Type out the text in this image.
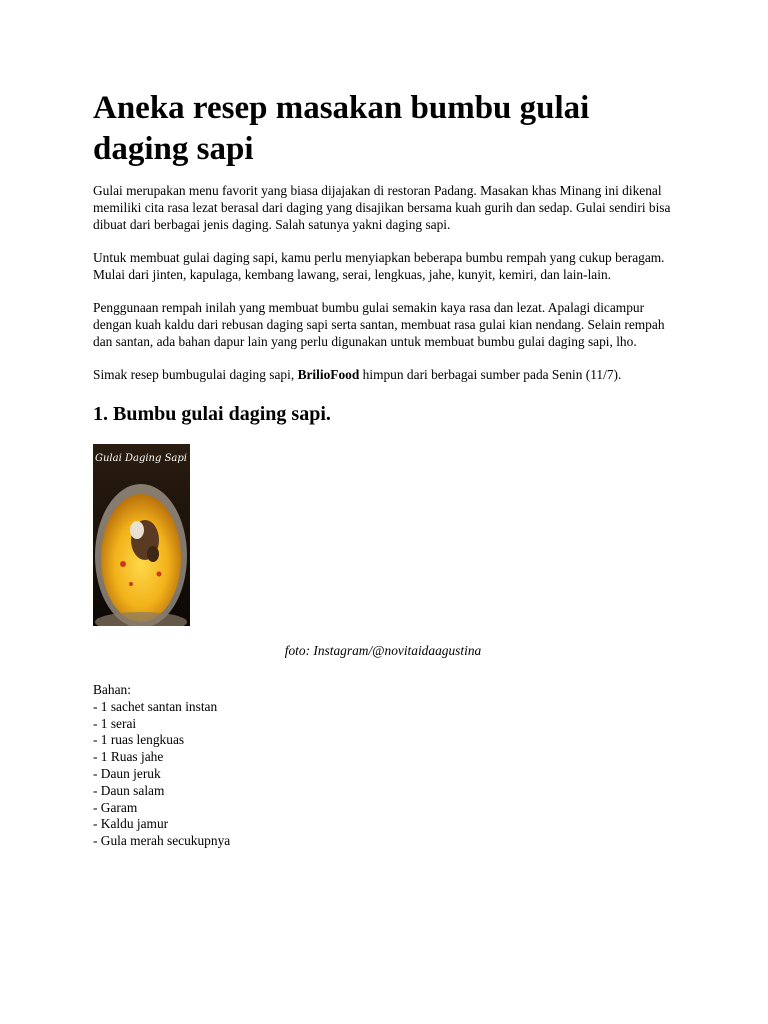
Aneka resep masakan bumbu gulai daging sapi

Gulai merupakan menu favorit yang biasa dijajakan di restoran Padang. Masakan khas Minang ini dikenal memiliki cita rasa lezat berasal dari daging yang disajikan bersama kuah gurih dan sedap. Gulai sendiri bisa dibuat dari berbagai jenis daging. Salah satunya yakni daging sapi.

Untuk membuat gulai daging sapi, kamu perlu menyiapkan beberapa bumbu rempah yang cukup beragam. Mulai dari jinten, kapulaga, kembang lawang, serai, lengkuas, jahe, kunyit, kemiri, dan lain-lain.

Penggunaan rempah inilah yang membuat bumbu gulai semakin kaya rasa dan lezat. Apalagi dicampur dengan kuah kaldu dari rebusan daging sapi serta santan, membuat rasa gulai kian nendang. Selain rempah dan santan, ada bahan dapur lain yang perlu digunakan untuk membuat bumbu gulai daging sapi, lho.

Simak resep bumbugulai daging sapi, BrilioFood himpun dari berbagai sumber pada Senin (11/7).

1. Bumbu gulai daging sapi.
Gulai Daging Sapi
foto: Instagram/@novitaidaagustina
Bahan:
- 1 sachet santan instan
- 1 serai
- 1 ruas lengkuas
- 1 Ruas jahe
- Daun jeruk
- Daun salam
- Garam
- Kaldu jamur
- Gula merah secukupnya
